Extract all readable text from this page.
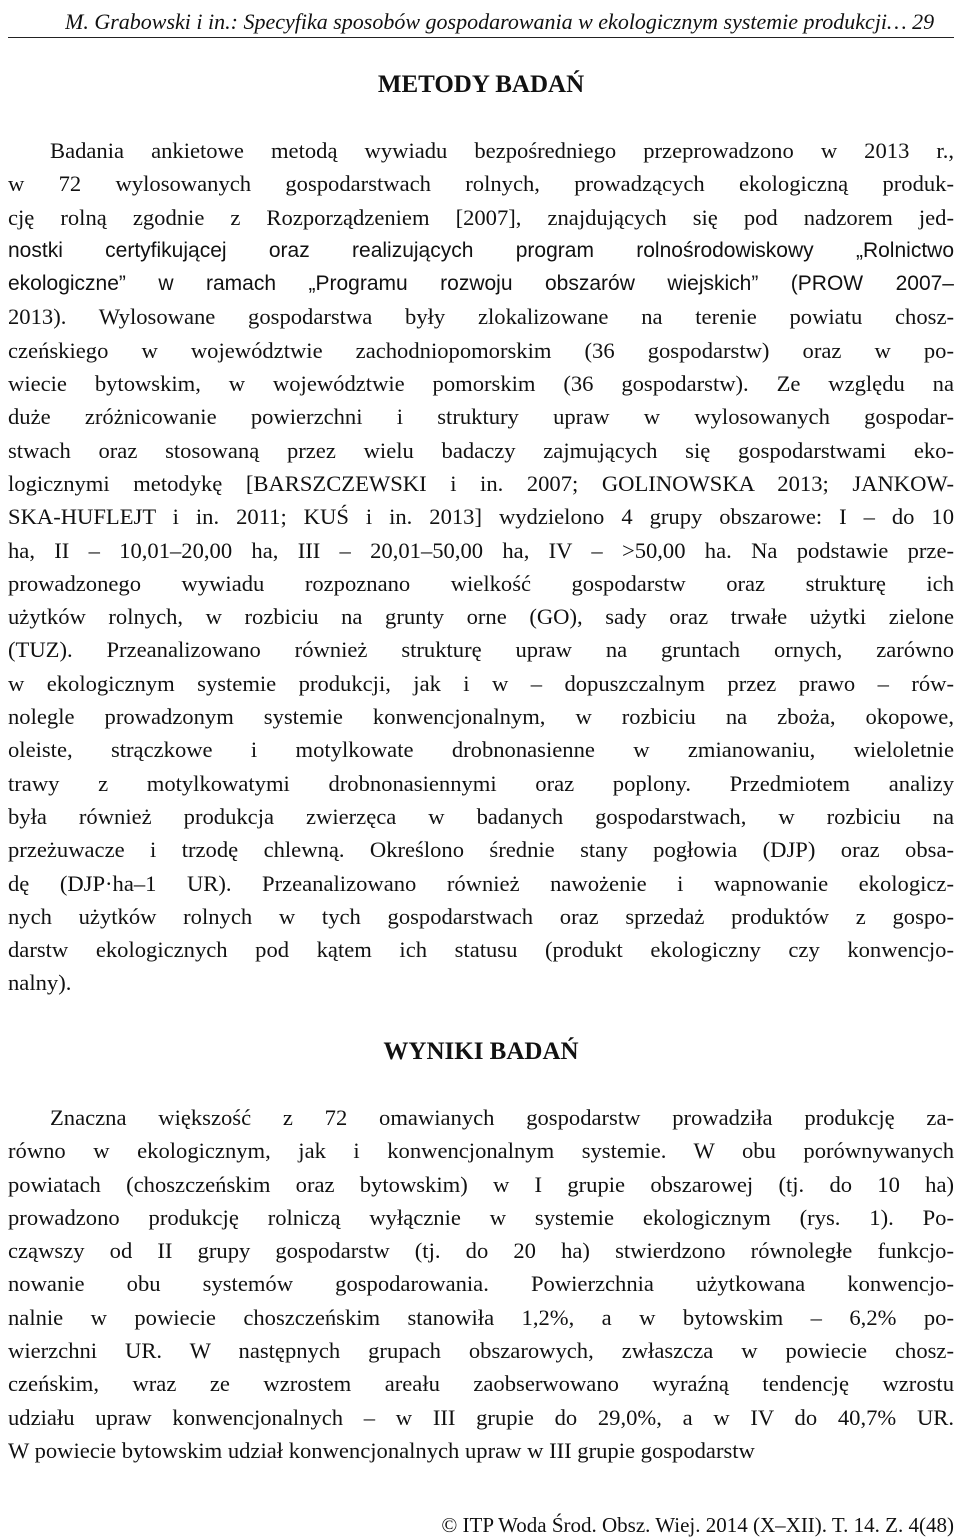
M. Grabowski i in.: Specyfika sposobów gospodarowania w ekologicznym systemie produkcji… 29
METODY BADAŃ
Badania ankietowe metodą wywiadu bezpośredniego przeprowadzono w 2013 r.,
w 72 wylosowanych gospodarstwach rolnych, prowadzących ekologiczną produk-
cję rolną zgodnie z Rozporządzeniem [2007], znajdujących się pod nadzorem jed-
nostki certyfikującej oraz realizujących program rolnośrodowiskowy „Rolnictwo
ekologiczne” w ramach „Programu rozwoju obszarów wiejskich” (PROW 2007–
2013). Wylosowane gospodarstwa były zlokalizowane na terenie powiatu chosz-
czeńskiego w województwie zachodniopomorskim (36 gospodarstw) oraz w po-
wiecie bytowskim, w województwie pomorskim (36 gospodarstw). Ze względu na
duże zróżnicowanie powierzchni i struktury upraw w wylosowanych gospodar-
stwach oraz stosowaną przez wielu badaczy zajmujących się gospodarstwami eko-
logicznymi metodykę [BARSZCZEWSKI i in. 2007; GOLINOWSKA 2013; JANKOW-
SKA-HUFLEJT i in. 2011; KUŚ i in. 2013] wydzielono 4 grupy obszarowe: I – do 10
ha, II – 10,01–20,00 ha, III – 20,01–50,00 ha, IV – >50,00 ha. Na podstawie prze-
prowadzonego wywiadu rozpoznano wielkość gospodarstw oraz strukturę ich
użytków rolnych, w rozbiciu na grunty orne (GO), sady oraz trwałe użytki zielone
(TUZ). Przeanalizowano również strukturę upraw na gruntach ornych, zarówno
w ekologicznym systemie produkcji, jak i w – dopuszczalnym przez prawo – rów-
nolegle prowadzonym systemie konwencjonalnym, w rozbiciu na zboża, okopowe,
oleiste, strączkowe i motylkowate drobnonasienne w zmianowaniu, wieloletnie
trawy z motylkowatymi drobnonasiennymi oraz poplony. Przedmiotem analizy
była również produkcja zwierzęca w badanych gospodarstwach, w rozbiciu na
przeżuwacze i trzodę chlewną. Określono średnie stany pogłowia (DJP) oraz obsa-
dę (DJP·ha–1 UR). Przeanalizowano również nawożenie i wapnowanie ekologicz-
nych użytków rolnych w tych gospodarstwach oraz sprzedaż produktów z gospo-
darstw ekologicznych pod kątem ich statusu (produkt ekologiczny czy konwencjo-
nalny).
WYNIKI BADAŃ
Znaczna większość z 72 omawianych gospodarstw prowadziła produkcję za-
równo w ekologicznym, jak i konwencjonalnym systemie. W obu porównywanych
powiatach (choszczeńskim oraz bytowskim) w I grupie obszarowej (tj. do 10 ha)
prowadzono produkcję rolniczą wyłącznie w systemie ekologicznym (rys. 1). Po-
cząwszy od II grupy gospodarstw (tj. do 20 ha) stwierdzono równoległe funkcjo-
nowanie obu systemów gospodarowania. Powierzchnia użytkowana konwencjo-
nalnie w powiecie choszczeńskim stanowiła 1,2%, a w bytowskim – 6,2% po-
wierzchni UR. W następnych grupach obszarowych, zwłaszcza w powiecie chosz-
czeńskim, wraz ze wzrostem areału zaobserwowano wyraźną tendencję wzrostu
udziału upraw konwencjonalnych – w III grupie do 29,0%, a w IV do 40,7% UR.
W powiecie bytowskim udział konwencjonalnych upraw w III grupie gospodarstw
© ITP Woda Środ. Obsz. Wiej. 2014 (X–XII). T. 14. Z. 4(48)
